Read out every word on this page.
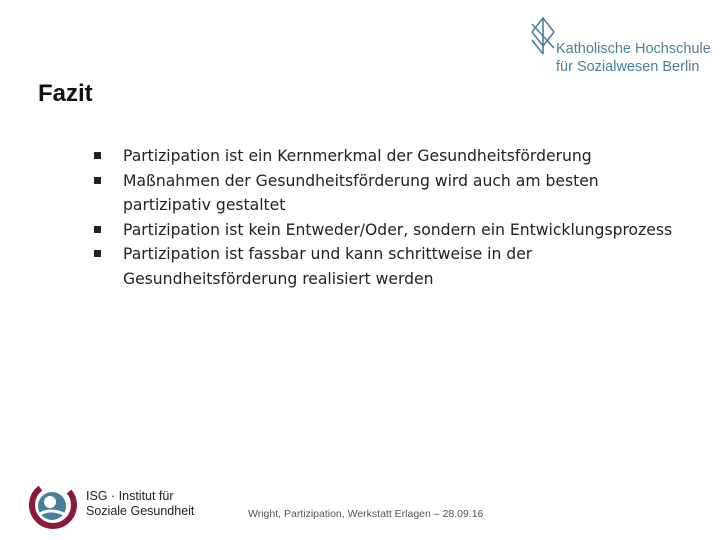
Katholische Hochschule
für Sozialwesen Berlin
Fazit
Partizipation ist ein Kernmerkmal der Gesundheitsförderung
Maßnahmen der Gesundheitsförderung wird auch am besten partizipativ gestaltet
Partizipation ist kein Entweder/Oder, sondern ein Entwicklungsprozess
Partizipation ist fassbar und kann schrittweise in der Gesundheitsförderung realisiert werden
ISG · Institut für
Soziale Gesundheit	Wright, Partizipation, Werkstatt Erlagen – 28.09.16
